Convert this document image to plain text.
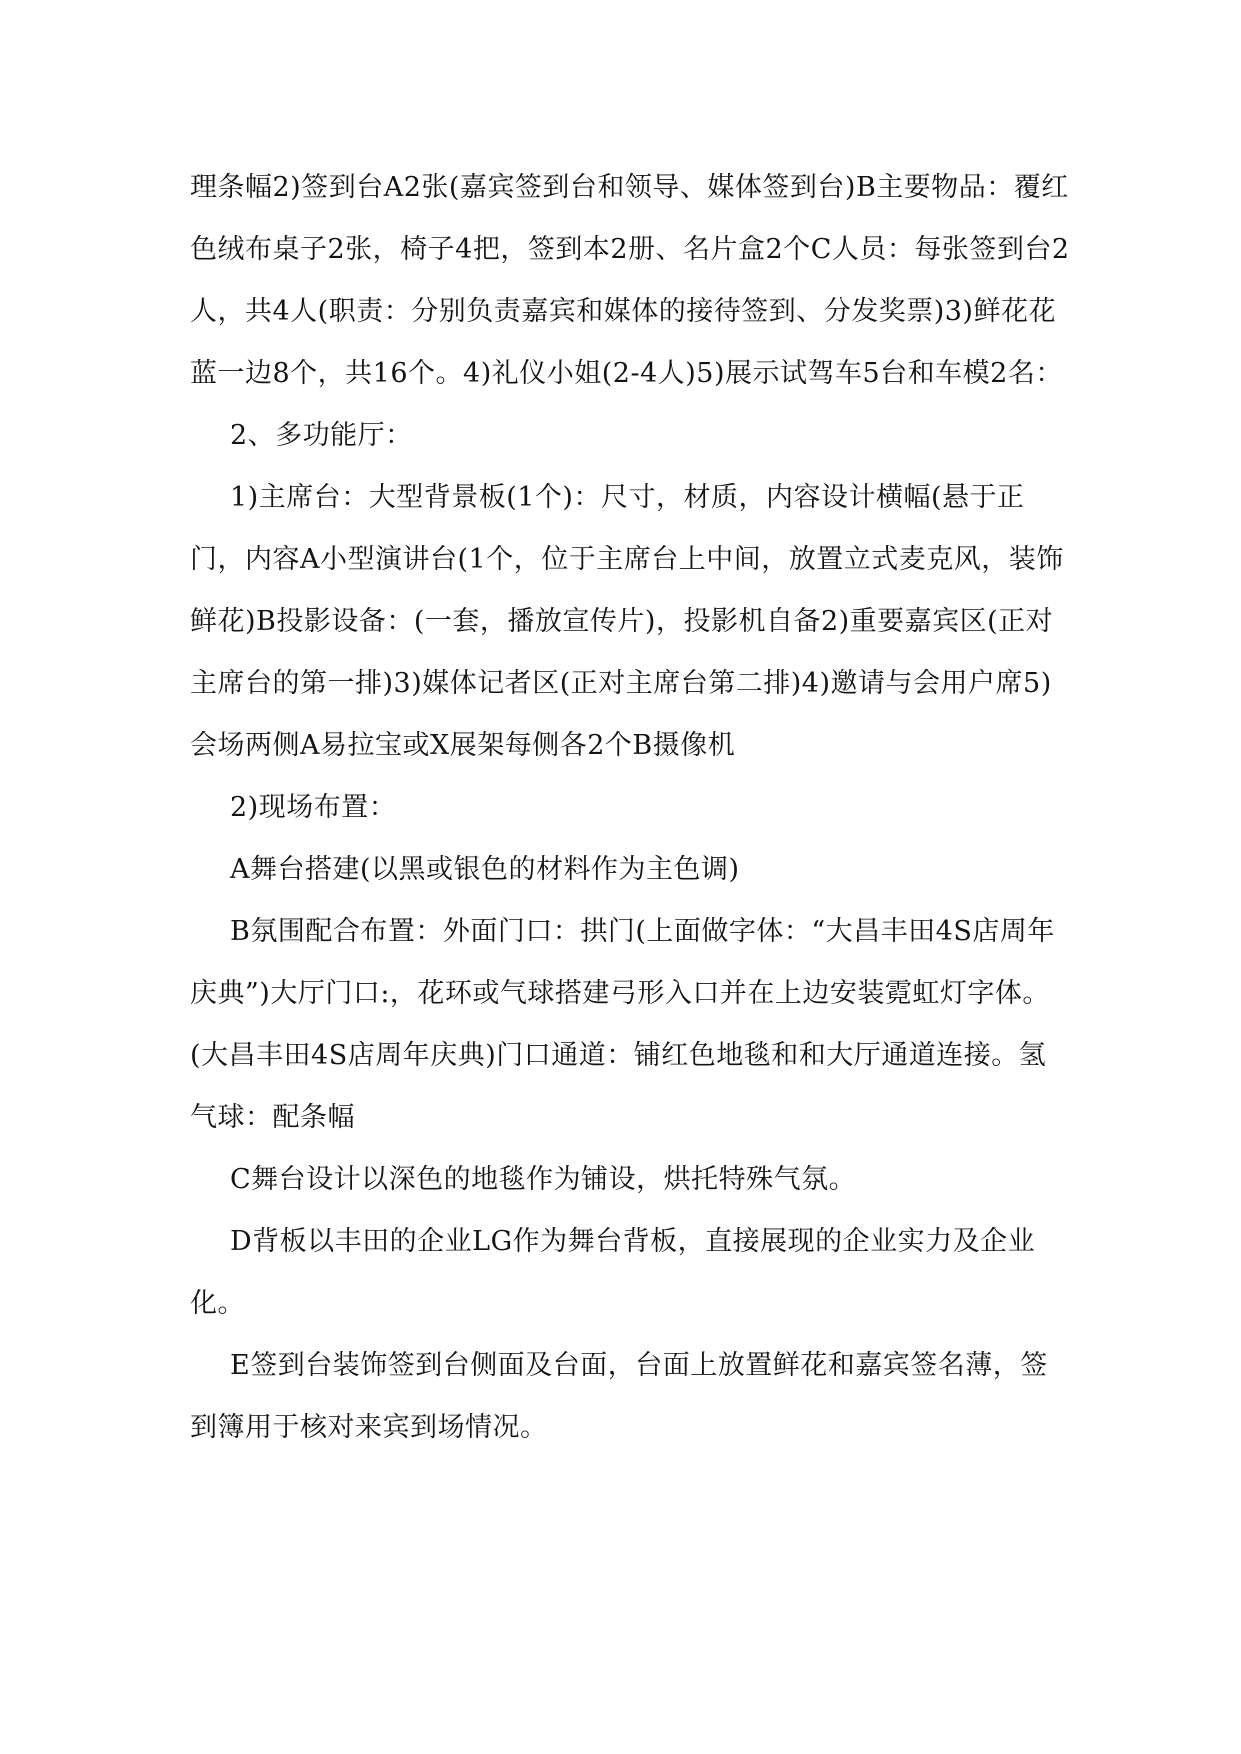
理条幅2)签到台A2张(嘉宾签到台和领导、媒体签到台)B主要物品：覆红色绒布桌子2张，椅子4把，签到本2册、名片盒2个C人员：每张签到台2人，共4人(职责：分别负责嘉宾和媒体的接待签到、分发奖票)3)鲜花花蓝一边8个，共16个。4)礼仪小姐(2-4人)5)展示试驾车5台和车模2名：

2、多功能厅：

1)主席台：大型背景板(1个)：尺寸，材质，内容设计横幅(悬于正门，内容A小型演讲台(1个，位于主席台上中间，放置立式麦克风，装饰鲜花)B投影设备：(一套，播放宣传片)，投影机自备2)重要嘉宾区(正对主席台的第一排)3)媒体记者区(正对主席台第二排)4)邀请与会用户席5)会场两侧A易拉宝或X展架每侧各2个B摄像机

2)现场布置：

A舞台搭建(以黑或银色的材料作为主色调)

B氛围配合布置：外面门口：拱门(上面做字体：“大昌丰田4S店周年庆典”)大厅门口:，花环或气球搭建弓形入口并在上边安装霓虹灯字体。(大昌丰田4S店周年庆典)门口通道：铺红色地毯和和大厅通道连接。氢气球：配条幅

C舞台设计以深色的地毯作为铺设，烘托特殊气氛。

D背板以丰田的企业LG作为舞台背板，直接展现的企业实力及企业化。

E签到台装饰签到台侧面及台面，台面上放置鲜花和嘉宾签名薄，签到簿用于核对来宾到场情况。
